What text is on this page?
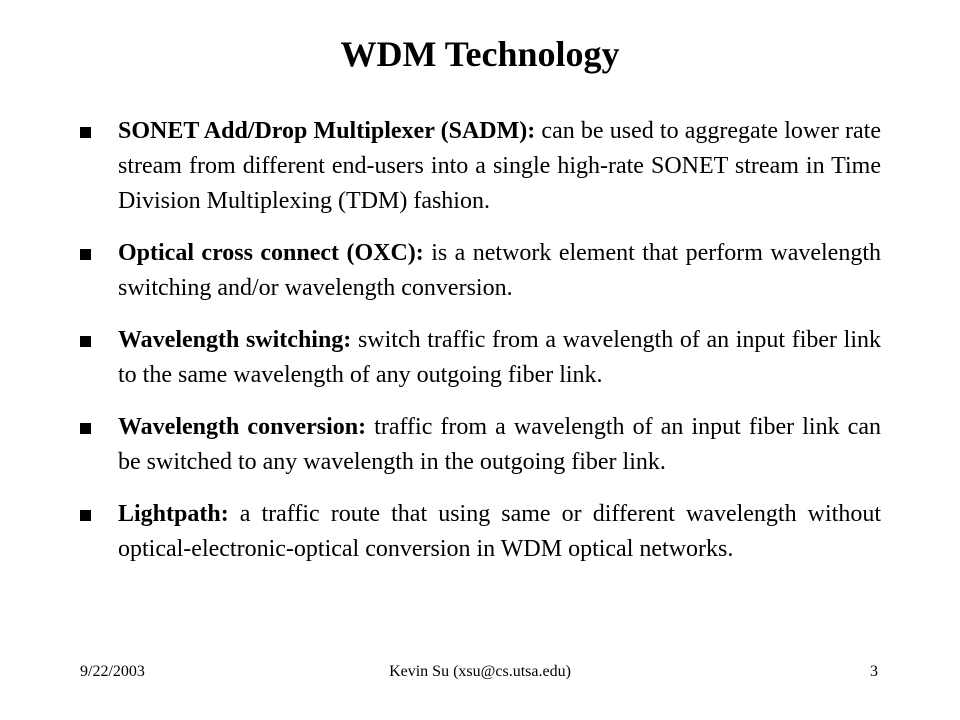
WDM Technology
SONET Add/Drop Multiplexer (SADM): can be used to aggregate lower rate stream from different end-users into a single high-rate SONET stream in Time Division Multiplexing (TDM) fashion.
Optical cross connect (OXC): is a network element that perform wavelength switching and/or wavelength conversion.
Wavelength switching: switch traffic from a wavelength of an input fiber link to the same wavelength of any outgoing fiber link.
Wavelength conversion: traffic from a wavelength of an input fiber link can be switched to any wavelength in the outgoing fiber link.
Lightpath: a traffic route that using same or different wavelength without optical-electronic-optical conversion in WDM optical networks.
9/22/2003	Kevin Su (xsu@cs.utsa.edu)	3
